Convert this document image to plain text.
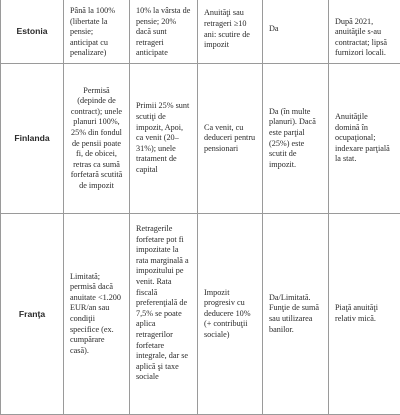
Estonia
Până la 100% (libertate la pensie; anticipat cu penalizare)
10% la vârsta de pensie; 20% dacă sunt retrageri anticipate
Anuităţi sau retrageri ≥10 ani: scutire de impozit
Da
După 2021, anuităţile s-au contractat; lipsă furnizori locali.
Finlanda
Permisă (depinde de contract); unele planuri 100%, 25% din fondul de pensii poate fi, de obicei, retras ca sumă forfetară scutită de impozit
Primii 25% sunt scutiţi de impozit, Apoi, ca venit (20–31%); unele tratament de capital
Ca venit, cu deduceri pentru pensionari
Da (în multe planuri). Dacă este parţial (25%) este scutit de impozit.
Anuităţile domină în ocupaţional; indexare parţială la stat.
Franţa
Limitată; permisă dacă anuitate <1.200 EUR/an sau condiţii specifice (ex. cumpărare casă).
Retragerile forfetare pot fi impozitate la rata marginală a impozitului pe venit. Rata fiscală preferenţială de 7,5% se poate aplica retragerilor forfetare integrale, dar se aplică şi taxe sociale
Impozit progresiv cu deducere 10% (+ contribuţii sociale)
Da/Limitată. Funţie de sumă sau utilizarea banilor.
Piaţă anuităţi relativ mică.
